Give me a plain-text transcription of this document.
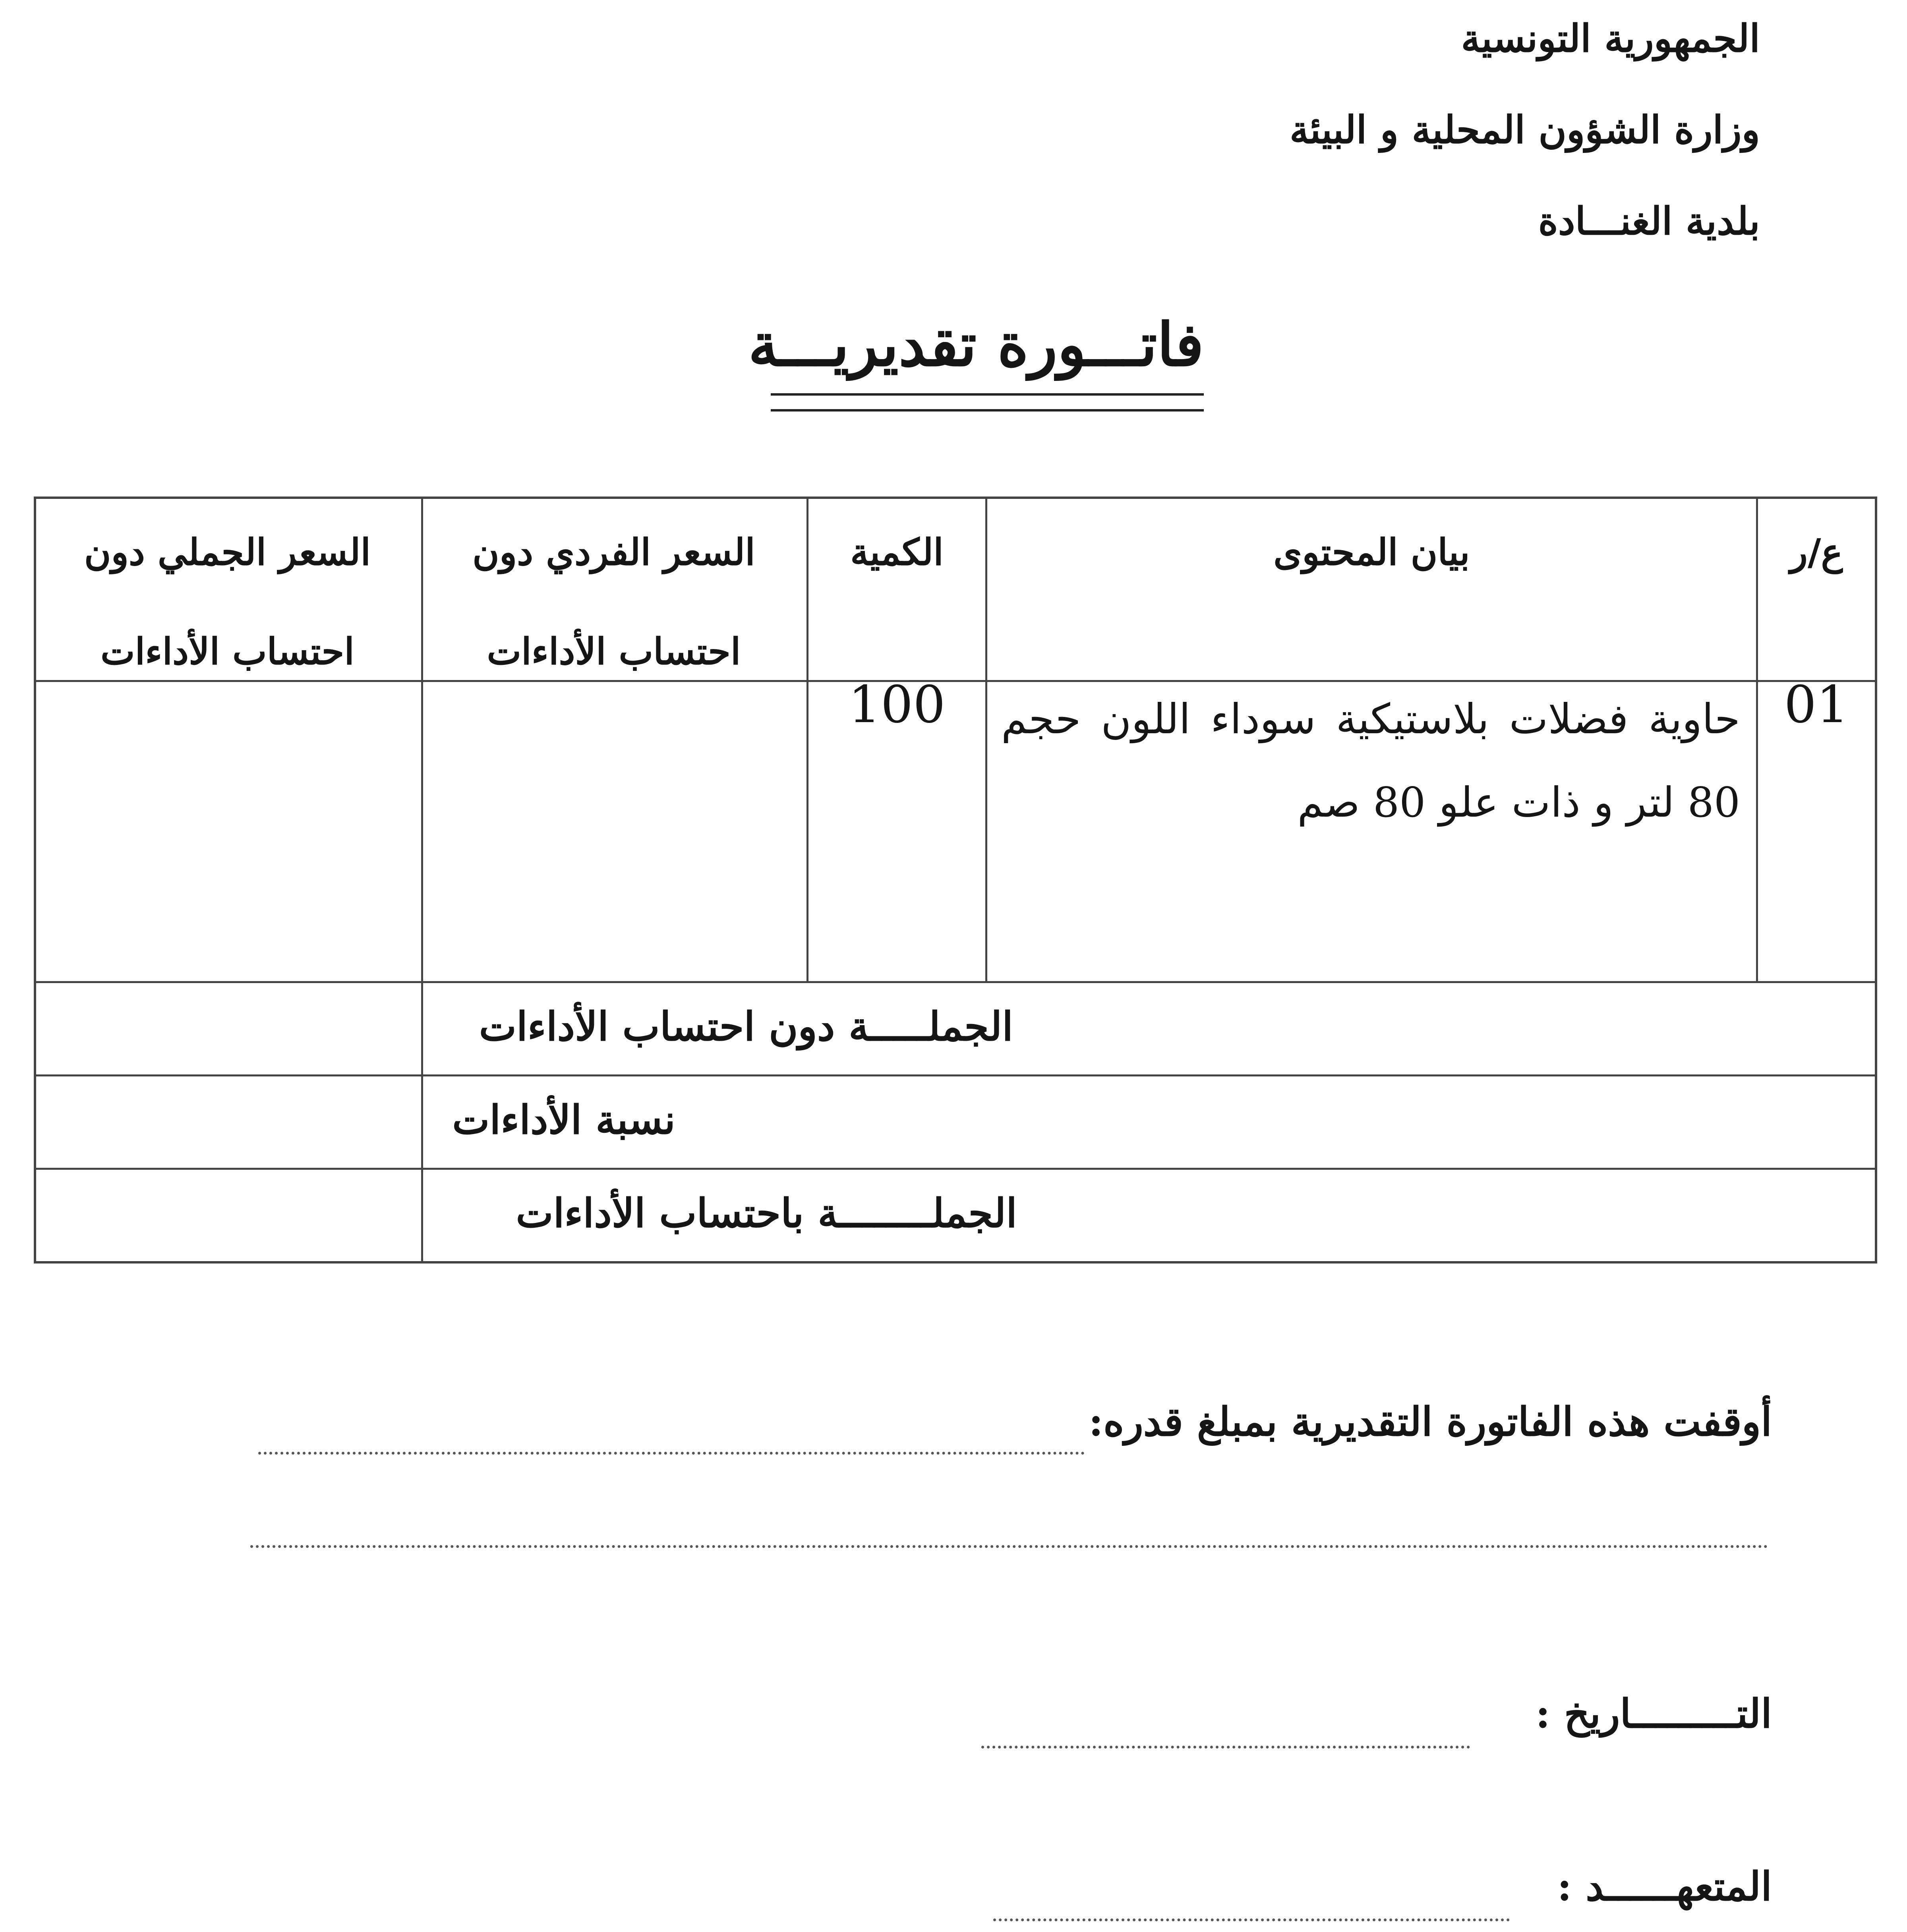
الجمهورية التونسية
وزارة الشؤون المحلية و البيئة
بلدية الغنـــادة
فاتـــورة تقديريـــة
ع/ر
بيان المحتوى
الكمية
السعر الفردي دون احتساب الأداءات
السعر الجملي دون احتساب الأداءات
01
حاوية فضلات بلاستيكية سوداء اللون حجم 80 لتر و ذات علو 80 صم
100
الجملـــــة دون احتساب الأداءات
نسبة الأداءات
الجملــــــــة باحتساب الأداءات
أوقفت هذه الفاتورة التقديرية بمبلغ قدره:
التـــــــــاريخ :
المتعهــــــد :
